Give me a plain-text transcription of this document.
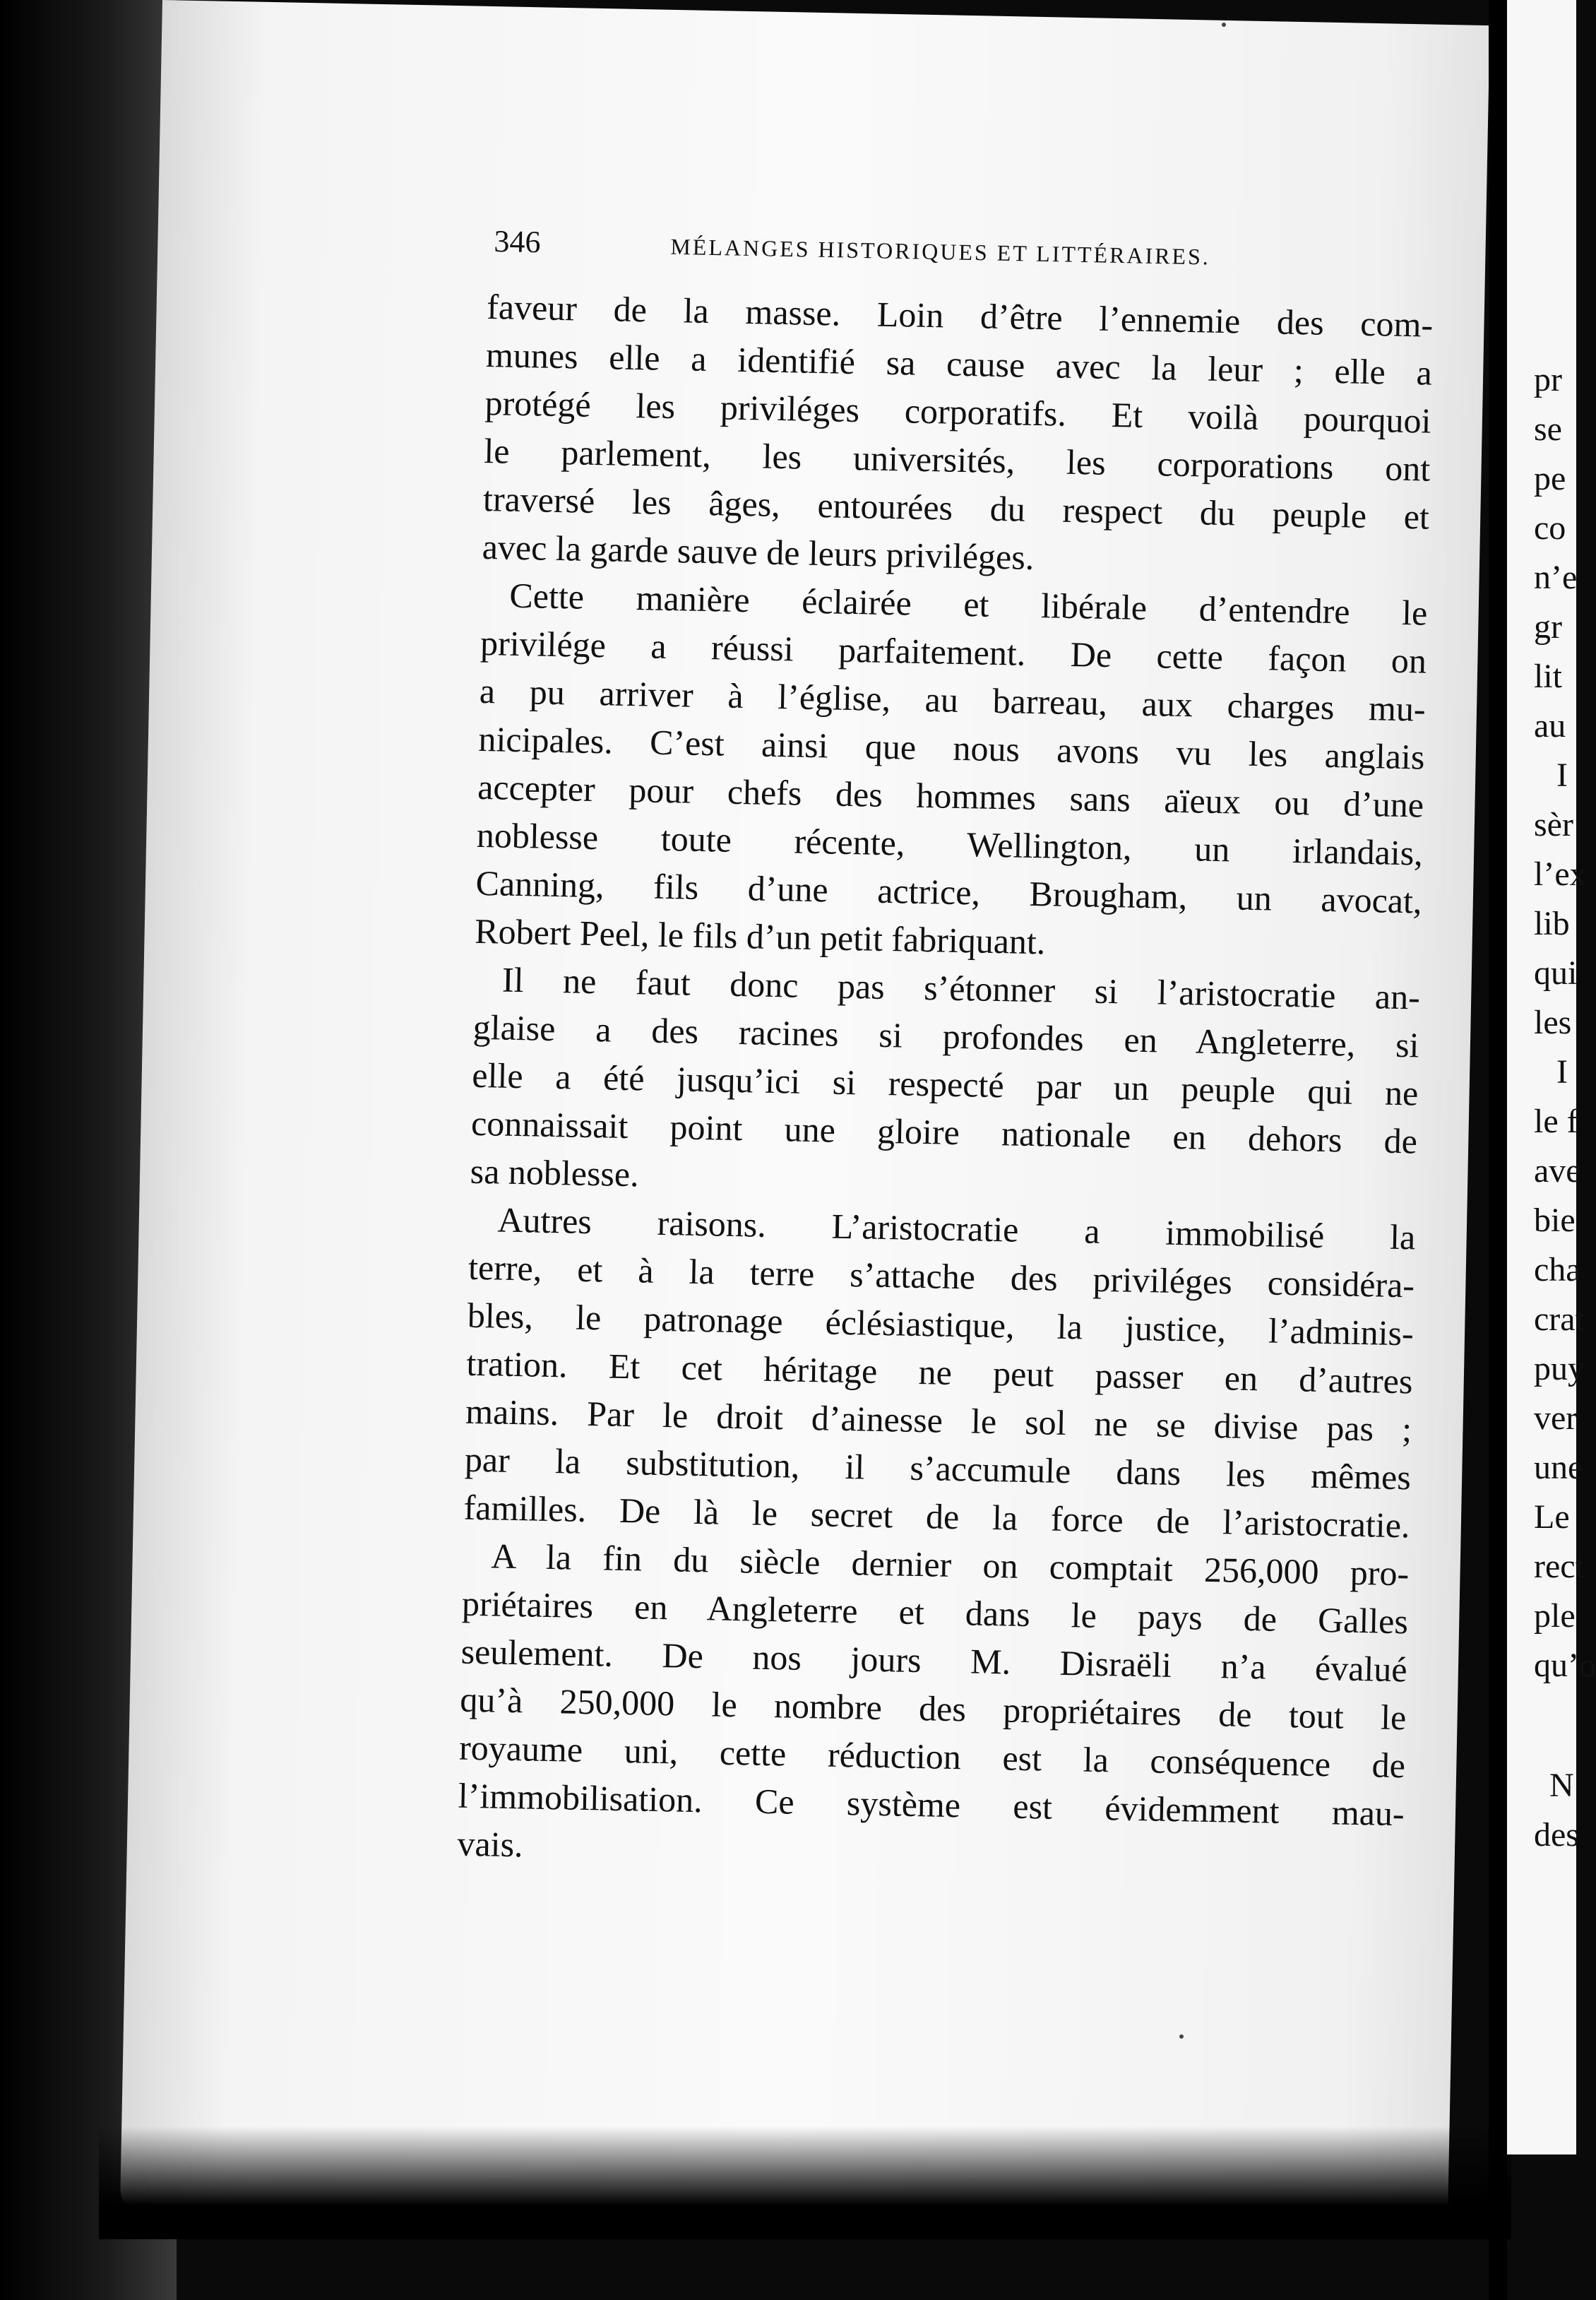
346	MÉLANGES HISTORIQUES ET LITTÉRAIRES.
faveur de la masse. Loin d’être l’ennemie des com-
munes elle a identifié sa cause avec la leur ; elle a
protégé les priviléges corporatifs. Et voilà pourquoi
le parlement, les universités, les corporations ont
traversé les âges, entourées du respect du peuple et
avec la garde sauve de leurs priviléges.
Cette manière éclairée et libérale d’entendre le
privilége a réussi parfaitement. De cette façon on
a pu arriver à l’église, au barreau, aux charges mu-
nicipales. C’est ainsi que nous avons vu les anglais
accepter pour chefs des hommes sans aïeux ou d’une
noblesse toute récente, Wellington, un irlandais,
Canning, fils d’une actrice, Brougham, un avocat,
Robert Peel, le fils d’un petit fabriquant.
Il ne faut donc pas s’étonner si l’aristocratie an-
glaise a des racines si profondes en Angleterre, si
elle a été jusqu’ici si respecté par un peuple qui ne
connaissait point une gloire nationale en dehors de
sa noblesse.
Autres raisons. L’aristocratie a immobilisé la
terre, et à la terre s’attache des priviléges considéra-
bles, le patronage éclésiastique, la justice, l’adminis-
tration. Et cet héritage ne peut passer en d’autres
mains. Par le droit d’ainesse le sol ne se divise pas ;
par la substitution, il s’accumule dans les mêmes
familles. De là le secret de la force de l’aristocratie.
A la fin du siècle dernier on comptait 256,000 pro-
priétaires en Angleterre et dans le pays de Galles
seulement. De nos jours M. Disraëli n’a évalué
qu’à 250,000 le nombre des propriétaires de tout le
royaume uni, cette réduction est la conséquence de
l’immobilisation. Ce système est évidemment mau-
vais.
pr
se
pe
co
n’e
gr
lit
au
I
sèr
l’ex
lib
qui
les
I
le f
ave
bie
cha
crat
puy
ver
une
Le
rect
ple
qu’o
N
des
